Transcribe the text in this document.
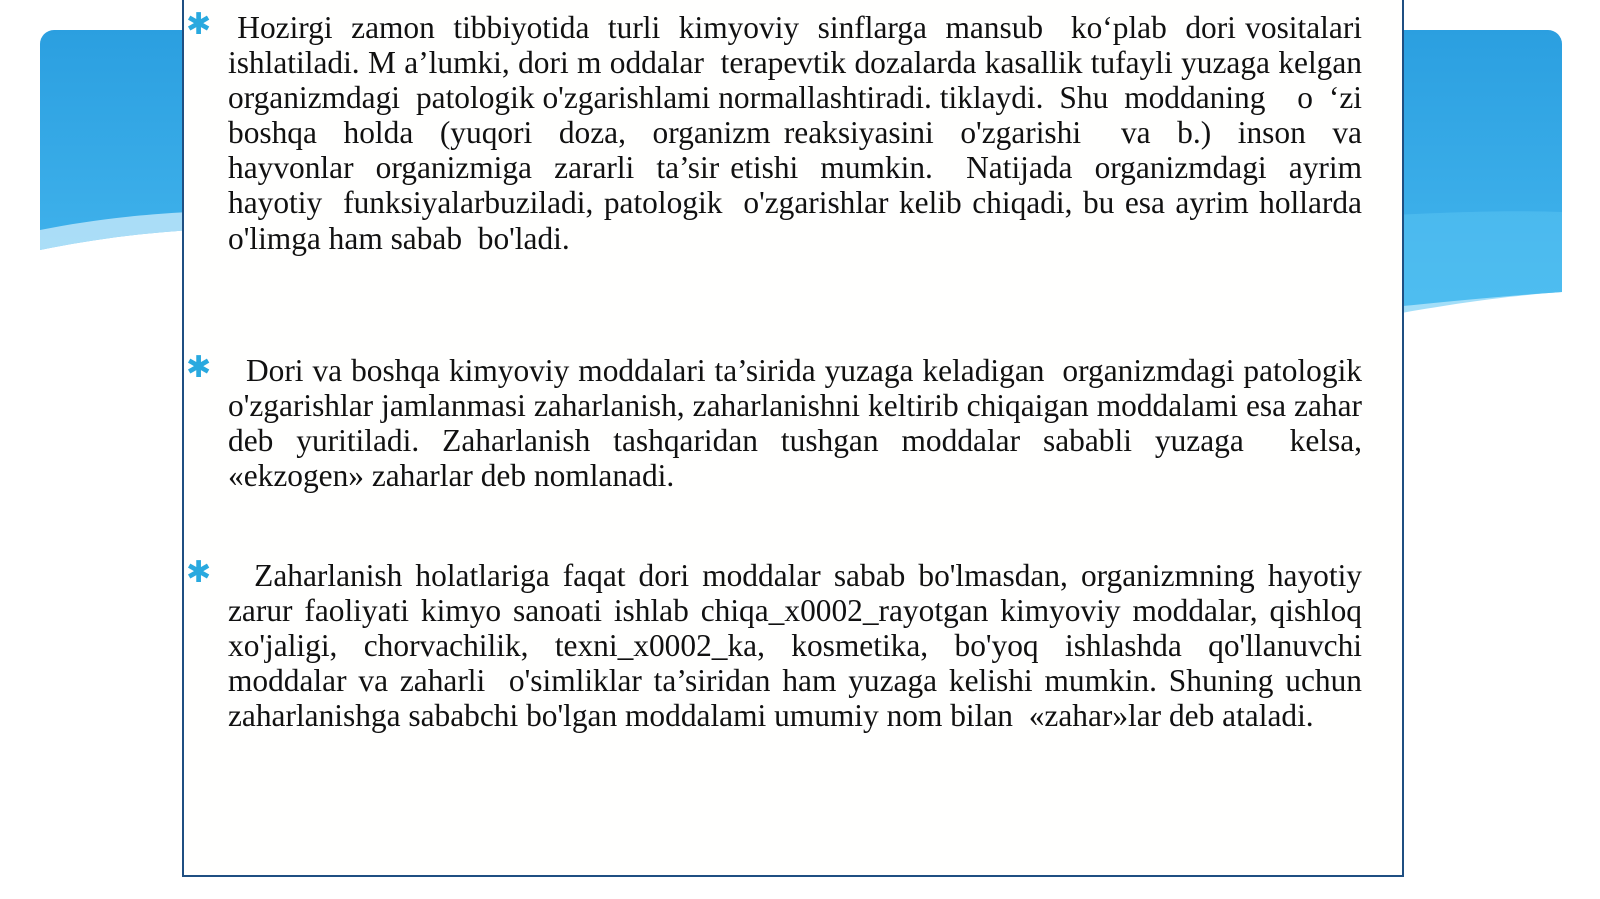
✱ Hozirgi  zamon  tibbiyotida  turli  kimyoviy  sinflarga  mansub   ko‘plab  dori vositalari ishlatiladi. M a’lumki, dori m oddalar  terapevtik dozalarda kasallik tufayli yuzaga kelgan organizmdagi  patologik o'zgarishlami normallashtiradi. tiklaydi.  Shu  moddaning    o  ‘zi  boshqa  holda  (yuqori  doza,  organizm reaksiyasini  o'zgarishi   va  b.)  inson  va  hayvonlar  organizmiga  zararli  ta’sir etishi  mumkin.   Natijada  organizmdagi  ayrim  hayotiy  funksiyalarbuziladi, patologik  o'zgarishlar kelib chiqadi, bu esa ayrim hollarda o'limga ham sabab  bo'ladi.

✱ Dori va boshqa kimyoviy moddalari ta’sirida yuzaga keladigan  organizmdagi patologik o'zgarishlar jamlanmasi zaharlanish, zaharlanishni keltirib chiqaigan moddalami esa zahar deb yuritiladi. Zaharlanish tashqaridan tushgan moddalar sababli yuzaga  kelsa, «ekzogen» zaharlar deb nomlanadi.

✱ Zaharlanish holatlariga faqat dori moddalar sabab bo'lmasdan, organizmning hayotiy zarur faoliyati kimyo sanoati ishlab chiqa_x0002_rayotgan kimyoviy moddalar, qishloq xo'jaligi, chorvachilik, texni_x0002_ka, kosmetika, bo'yoq ishlashda qo'llanuvchi moddalar va zaharli  o'simliklar ta’siridan ham yuzaga kelishi mumkin. Shuning uchun zaharlanishga sababchi bo'lgan moddalami umumiy nom bilan  «zahar»lar deb ataladi.
